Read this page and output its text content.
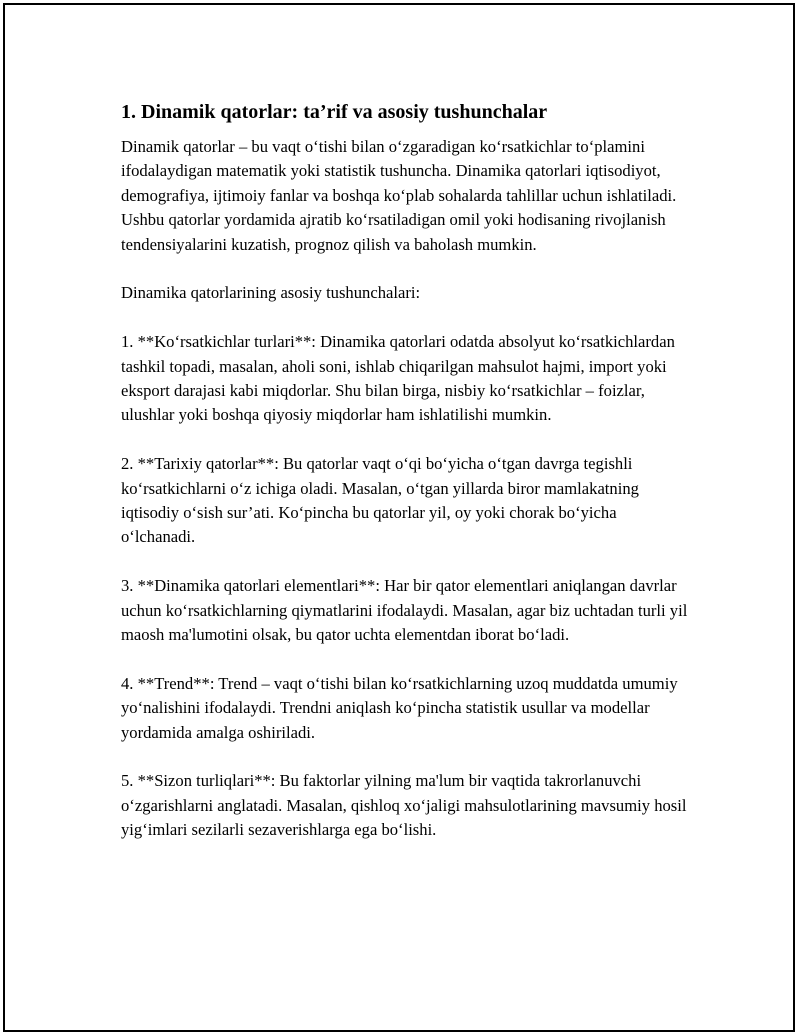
1. Dinamik qatorlar: ta’rif va asosiy tushunchalar

Dinamik qatorlar – bu vaqt o‘tishi bilan o‘zgaradigan ko‘rsatkichlar to‘plamini ifodalaydigan matematik yoki statistik tushuncha. Dinamika qatorlari iqtisodiyot, demografiya, ijtimoiy fanlar va boshqa ko‘plab sohalarda tahlillar uchun ishlatiladi. Ushbu qatorlar yordamida ajratib ko‘rsatiladigan omil yoki hodisaning rivojlanish tendensiyalarini kuzatish, prognoz qilish va baholash mumkin.

Dinamika qatorlarining asosiy tushunchalari:

1. **Ko‘rsatkichlar turlari**: Dinamika qatorlari odatda absolyut ko‘rsatkichlardan tashkil topadi, masalan, aholi soni, ishlab chiqarilgan mahsulot hajmi, import yoki eksport darajasi kabi miqdorlar. Shu bilan birga, nisbiy ko‘rsatkichlar – foizlar, ulushlar yoki boshqa qiyosiy miqdorlar ham ishlatilishi mumkin.

2. **Tarixiy qatorlar**: Bu qatorlar vaqt o‘qi bo‘yicha o‘tgan davrga tegishli ko‘rsatkichlarni o‘z ichiga oladi. Masalan, o‘tgan yillarda biror mamlakatning iqtisodiy o‘sish sur’ati. Ko‘pincha bu qatorlar yil, oy yoki chorak bo‘yicha o‘lchanadi.

3. **Dinamika qatorlari elementlari**: Har bir qator elementlari aniqlangan davrlar uchun ko‘rsatkichlarning qiymatlarini ifodalaydi. Masalan, agar biz uchtadan turli yil maosh ma'lumotini olsak, bu qator uchta elementdan iborat bo‘ladi.

4. **Trend**: Trend – vaqt o‘tishi bilan ko‘rsatkichlarning uzoq muddatda umumiy yo‘nalishini ifodalaydi. Trendni aniqlash ko‘pincha statistik usullar va modellar yordamida amalga oshiriladi.

5. **Sizon turliqlari**: Bu faktorlar yilning ma'lum bir vaqtida takrorlanuvchi o‘zgarishlarni anglatadi. Masalan, qishloq xo‘jaligi mahsulotlarining mavsumiy hosil yig‘imlari sezilarli sezaverishlarga ega bo‘lishi.
